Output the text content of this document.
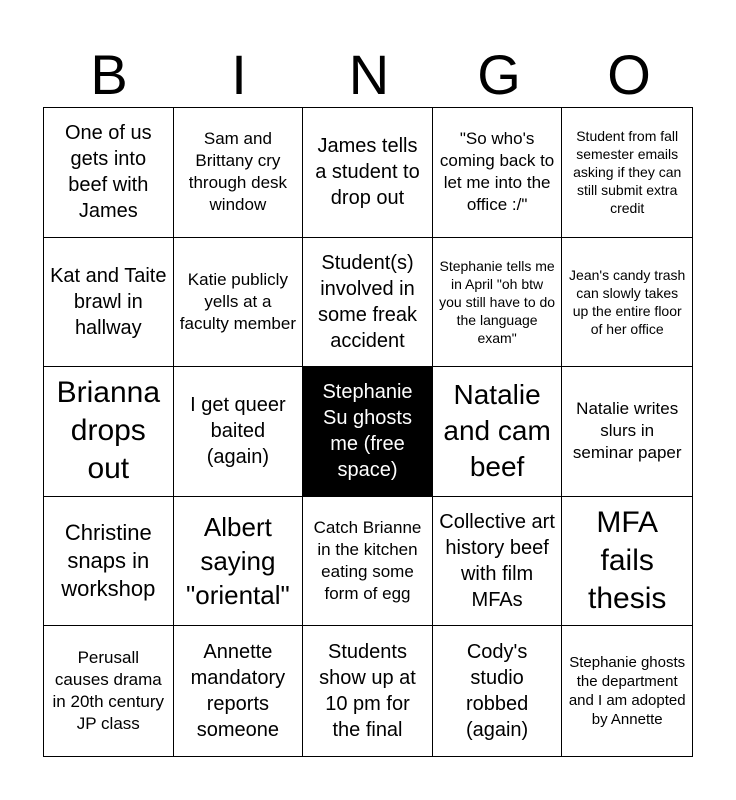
B	I	N	G	O
One of us gets into beef with James
Sam and Brittany cry through desk window
James tells a student to drop out
"So who's coming back to let me into the office :/"
Student from fall semester emails asking if they can still submit extra credit
Kat and Taite brawl in hallway
Katie publicly yells at a faculty member
Student(s) involved in some freak accident
Stephanie tells me in April "oh btw you still have to do the language exam"
Jean's candy trash can slowly takes up the entire floor of her office
Brianna drops out
I get queer baited (again)
Stephanie Su ghosts me (free space)
Natalie and cam beef
Natalie writes slurs in seminar paper
Christine snaps in workshop
Albert saying "oriental"
Catch Brianne in the kitchen eating some form of egg
Collective art history beef with film MFAs
MFA fails thesis
Perusall causes drama in 20th century JP class
Annette mandatory reports someone
Students show up at 10 pm for the final
Cody's studio robbed (again)
Stephanie ghosts the department and I am adopted by Annette
